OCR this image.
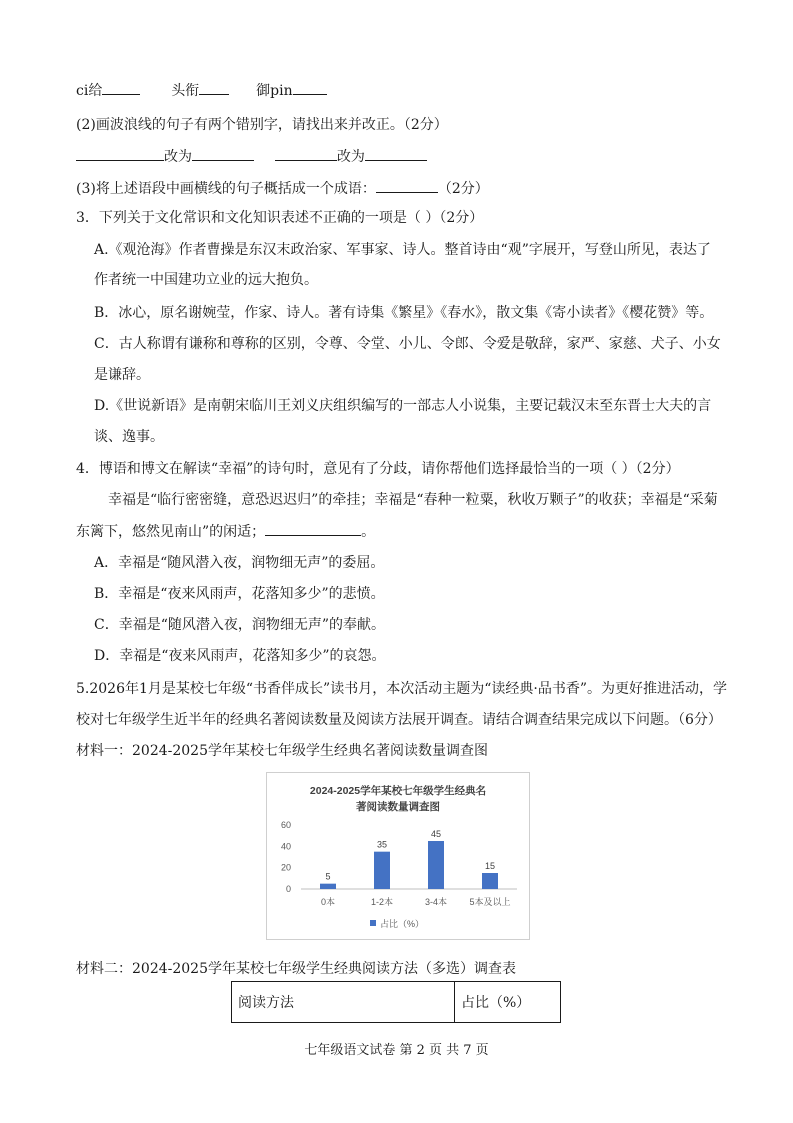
ci给	头衔	御pin
(2)画波浪线的句子有两个错别字，请找出来并改正。（2分）
改为	改为
(3)将上述语段中画横线的句子概括成一个成语：	（2分）
3．下列关于文化常识和文化知识表述不正确的一项是（ ）（2分）
A.《观沧海》作者曹操是东汉末政治家、军事家、诗人。整首诗由“观”字展开，写登山所见，表达了
作者统一中国建功立业的远大抱负。
B．冰心，原名谢婉莹，作家、诗人。著有诗集《繁星》《春水》，散文集《寄小读者》《樱花赞》等。
C．古人称谓有谦称和尊称的区别，令尊、令堂、小儿、令郎、令爱是敬辞，家严、家慈、犬子、小女
是谦辞。
D.《世说新语》是南朝宋临川王刘义庆组织编写的一部志人小说集，主要记载汉末至东晋士大夫的言
谈、逸事。
4．博语和博文在解读“幸福”的诗句时，意见有了分歧，请你帮他们选择最恰当的一项（ ）（2分）
幸福是“临行密密缝，意恐迟迟归”的牵挂；幸福是“春种一粒粟，秋收万颗子”的收获；幸福是“采菊
东篱下，悠然见南山”的闲适；	。
A．幸福是“随风潜入夜，润物细无声”的委屈。
B．幸福是“夜来风雨声，花落知多少”的悲愤。
C．幸福是“随风潜入夜，润物细无声”的奉献。
D．幸福是“夜来风雨声，花落知多少”的哀怨。
5.2026年1月是某校七年级“书香伴成长”读书月，本次活动主题为“读经典·品书香”。为更好推进活动，学
校对七年级学生近半年的经典名著阅读数量及阅读方法展开调查。请结合调查结果完成以下问题。（6分）
材料一：2024-2025学年某校七年级学生经典名著阅读数量调查图
2024-2025学年某校七年级学生经典名
著阅读数量调查图
0
20
40
60
5
0本
35
1-2本
45
3-4本
15
5本及以上
占比（%）
材料二：2024-2025学年某校七年级学生经典阅读方法（多选）调查表
阅读方法	占比（%）
七年级语文试卷 第 2 页 共 7 页
